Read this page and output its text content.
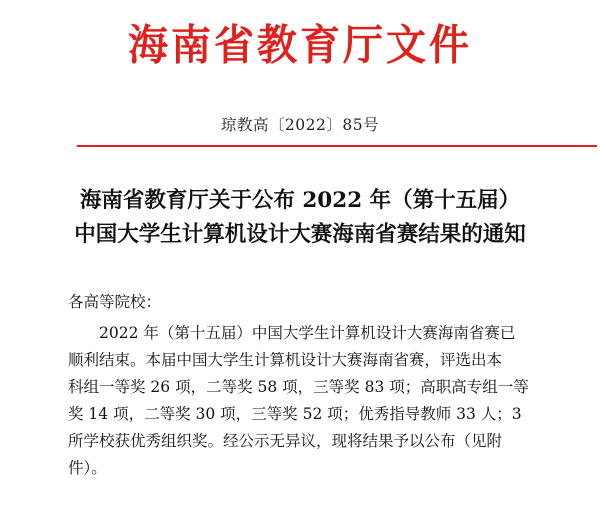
海南省教育厅文件
琼教高〔2022〕85号
海南省教育厅关于公布 2022 年（第十五届）
中国大学生计算机设计大赛海南省赛结果的通知
各高等院校：
2022 年（第十五届）中国大学生计算机设计大赛海南省赛已
顺利结束。本届中国大学生计算机设计大赛海南省赛，评选出本
科组一等奖 26 项，二等奖 58 项，三等奖 83 项；高职高专组一等
奖 14 项，二等奖 30 项，三等奖 52 项；优秀指导教师 33 人；3
所学校获优秀组织奖。经公示无异议，现将结果予以公布（见附
件）。
